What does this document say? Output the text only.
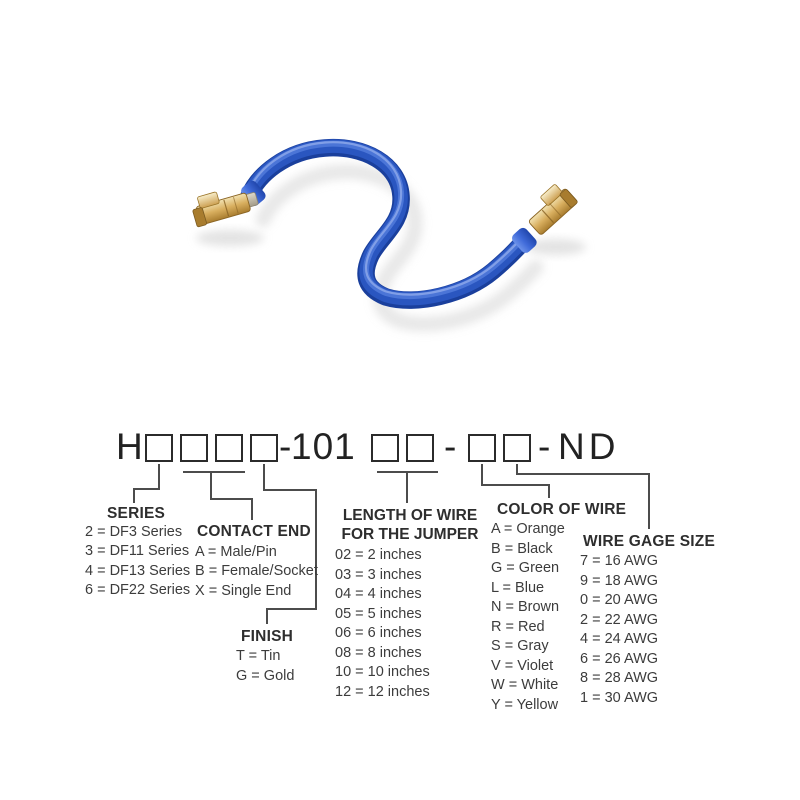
H	- 101 - - ND
SERIES
2 = DF3 Series
3 = DF11 Series
4 = DF13 Series
6 = DF22 Series
CONTACT END
A = Male/Pin
B = Female/Socket
X = Single End
FINISH
T = Tin
G = Gold
LENGTH OF WIRE
FOR THE JUMPER
02 = 2 inches
03 = 3 inches
04 = 4 inches
05 = 5 inches
06 = 6 inches
08 = 8 inches
10 = 10 inches
12 = 12 inches
COLOR OF WIRE
A = Orange
B = Black
G = Green
L = Blue
N = Brown
R = Red
S = Gray
V = Violet
W = White
Y = Yellow
WIRE GAGE SIZE
7 = 16 AWG
9 = 18 AWG
0 = 20 AWG
2 = 22 AWG
4 = 24 AWG
6 = 26 AWG
8 = 28 AWG
1 = 30 AWG
